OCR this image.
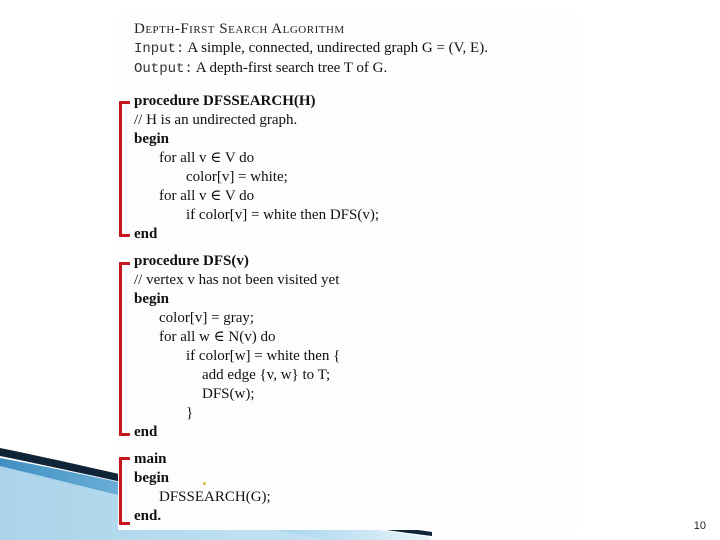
Depth-First Search Algorithm
Input: A simple, connected, undirected graph G = (V, E).
Output: A depth-first search tree T of G.
procedure DFSSEARCH(H)
// H is an undirected graph.
begin
for all v ∈ V do
color[v] = white;
for all v ∈ V do
if color[v] = white then DFS(v);
end
procedure DFS(v)
// vertex v has not been visited yet
begin
color[v] = gray;
for all w ∈ N(v) do
if color[w] = white then {
add edge {v, w} to T;
DFS(w);
}
end
main
begin
DFSSEARCH(G);
end.
10
